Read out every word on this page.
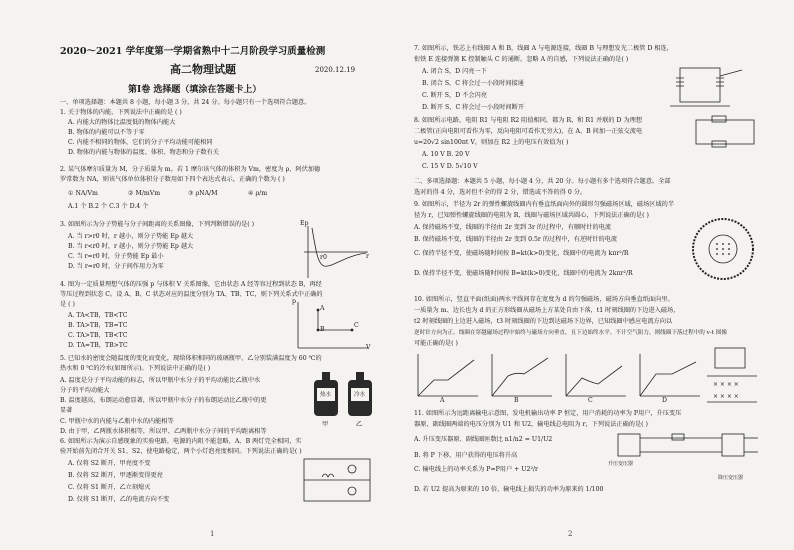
2020～2021 学年度第一学期省熟中十二月阶段学习质量检测
高二物理试题	2020.12.19
第Ⅰ卷 选择题（填涂在答题卡上）
一、单项选择题：本题共 8 小题，每小题 3 分，共 24 分。每小题只有一个选项符合题意。
1. 关于物体的内能，下列说法中正确的是 ( )
A. 内能大的物体比温度低的物体内能大
B. 物体的内能可以不等于零
C. 内能不相同的物体，它们的分子平均动能可能相同
D. 物体的内能与物体的温度、体积、物态和分子数有关
2. 某气体摩尔质量为 M，分子质量为 m。若 1 摩尔该气体的体积为 Vm，密度为 ρ，阿伏加德
罗常数为 NA，则该气体单位体积分子数用如下四个表达式表示，正确的个数为 ( )
① NA/Vm	② M/mVm	③ ρNA/M	④ ρ/m
A.1 个 B.2 个 C.3 个 D.4 个
3. 如图所示为分子势能与分子间距离的关系图像，下列判断错误的是( )
A. 当 r>r0 时，r 越小，则分子势能 Ep 越大
B. 当 r<r0 时，r 越小，则分子势能 Ep 越大
C. 当 r=r0 时，分子势能 Ep 最小
D. 当 r=r0 时，分子间作用力为零
Ep
r0	r
4. 图为一定质量理想气体的压强 p 与体积 V 关系图像，它由状态 A 经等容过程到状态 B，再经
等压过程到状态 C。设 A、B、C 状态对应的温度分别为 TA、TB、TC，则下列关系式中正确的
是 ( )
A. TA<TB，TB<TC
B. TA>TB，TB=TC
C. TA>TB，TB<TC
D. TA=TB，TB>TC
p
A
B
C
V
5. 已知水的密度会随温度的变化而变化，现给体积相同的玻璃瓶甲、乙分别装满温度为 60 ℃的
热水和 0 ℃的冷水(如图所示)。下列说法中正确的是( )
A. 温度是分子平均动能的标志，所以甲瓶中水分子的平均动能比乙瓶中水
分子的平均动能大
B. 温度越高，布朗运动愈显著，所以甲瓶中水分子的布朗运动比乙瓶中的更
显著
C. 甲瓶中水的内能与乙瓶中水的内能相等
D. 由于甲、乙两瓶水体积相等，所以甲、乙两瓶中水分子间的平均距离相等
热水	冷水
甲	乙
6. 如图所示为演示自感现象的实验电路，电源的内阻不能忽略，A、B 两灯完全相同，实
验开始前先闭合开关 S1、S2，使电路稳定，两个小灯泡亮度相同。下列说法正确的是( )
A. 仅将 S2 断开，甲亮度不变
B. 仅将 S2 断开，甲逐渐变得更亮
C. 仅将 S1 断开，乙立刻熄灭
D. 仅将 S1 断开，乙的电流方向不变
1
7. 如图所示，铁芯上有线圈 A 和 B，线圈 A 与电源连接，线圈 B 与理想发光二极管 D 相连，
衔铁 E 连接弹簧 K 控制触头 C 的通断。忽略 A 的自感，下列说法正确的是( )
A. 闭合 S，D 闪亮一下
B. 闭合 S，C 将会过一小段时间接通
C. 断开 S，D 不会闪亮
D. 断开 S，C 将会过一小段时间断开
8. 如图所示电路，电阻 R1 与电阻 R2 阻值相同，都为 R，和 R1 并联的 D 为理想
二极管(正向电阻可看作为零，反向电阻可看作无穷大)，在 A、B 间加一正弦交流电
u=20√2 sin100πt V，则加在 R2 上的电压有效值为( )
A. 10 V B. 20 V
C. 15 V D. 5√10 V
二、多项选择题：本题共 5 小题，每小题 4 分，共 20 分。每小题有多个选项符合题意。全部
选对的得 4 分，选对但不全的得 2 分，错选或不答的得 0 分。
9. 如图所示，半径为 2r 的弹性螺旋线圈内有垂直纸面向外的圆形匀强磁场区域，磁场区域的半
径为 r，已知弹性螺旋线圈的电阻为 R，线圈与磁场区域共圆心，下列说法正确的是( )
A. 保持磁场不变，线圈的半径由 2r 变到 3r 的过程中，有顺时针的电流
B. 保持磁场不变，线圈的半径由 2r 变到 0.5r 的过程中，有逆时针的电流
C. 保持半径不变，使磁场随时间按 B=kt(k>0)变化，线圈中的电流为 kπr²/R
D. 保持半径不变，使磁场随时间按 B=kt(k>0)变化，线圈中的电流为 2kπr²/R
10. 如图所示，竖直平面(纸面)两水平线间存在宽度为 d 的匀强磁场，磁场方向垂直纸面向里。
一质量为 m、边长也为 d 的正方形线圈从磁场上方某处自由下落，t1 时刻线圈的下边进入磁场，
t2 时刻线圈的上边进入磁场，t3 时刻线圈的下边到达磁场下边界，已知线圈中感应电流方向以
逆时针方向为正。线圈在穿越磁场过程中始终与磁场方向垂直，且下边始终水平。不计空气阻力，则线圈下落过程中的 v-t 图像
可能正确的是( )
A	B	C	D
× × × ×
× × × ×
11. 如图所示为远距离输电示意图，发电机输出功率 P 恒定，用户消耗的功率为 P用户，升压变压
器原、副线圈两端的电压分别为 U1 和 U2，输电线总电阻为 r，下列说法正确的是( )
A. 升压变压器原、副线圈匝数比 n1/n2 = U1/U2
B. 将 P 下移，用户获得的电压将升高
C. 输电线上的功率关系为 P=P用户 + U2²/r
D. 若 U2 提高为原来的 10 倍，输电线上损失的功率为原来的 1/100
升压变压器
降压变压器
2
